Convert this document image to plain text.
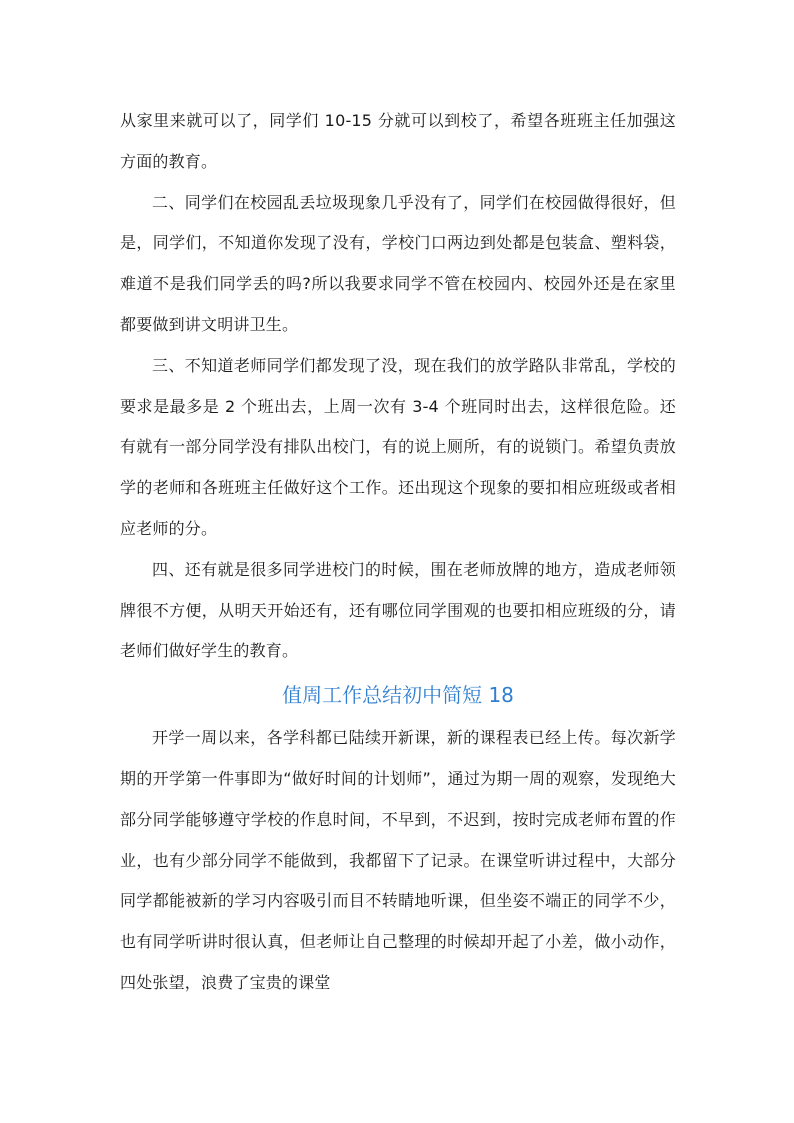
从家里来就可以了，同学们 10-15 分就可以到校了，希望各班班主任加强这方面的教育。

二、同学们在校园乱丢垃圾现象几乎没有了，同学们在校园做得很好，但是，同学们，不知道你发现了没有，学校门口两边到处都是包装盒、塑料袋，难道不是我们同学丢的吗?所以我要求同学不管在校园内、校园外还是在家里都要做到讲文明讲卫生。

三、不知道老师同学们都发现了没，现在我们的放学路队非常乱，学校的要求是最多是 2 个班出去，上周一次有 3-4 个班同时出去，这样很危险。还有就有一部分同学没有排队出校门，有的说上厕所，有的说锁门。希望负责放学的老师和各班班主任做好这个工作。还出现这个现象的要扣相应班级或者相应老师的分。

四、还有就是很多同学进校门的时候，围在老师放牌的地方，造成老师领牌很不方便，从明天开始还有，还有哪位同学围观的也要扣相应班级的分，请老师们做好学生的教育。

值周工作总结初中简短 18

开学一周以来，各学科都已陆续开新课，新的课程表已经上传。每次新学期的开学第一件事即为“做好时间的计划师”，通过为期一周的观察，发现绝大部分同学能够遵守学校的作息时间，不早到，不迟到，按时完成老师布置的作业，也有少部分同学不能做到，我都留下了记录。在课堂听讲过程中，大部分同学都能被新的学习内容吸引而目不转睛地听课，但坐姿不端正的同学不少，也有同学听讲时很认真，但老师让自己整理的时候却开起了小差，做小动作，四处张望，浪费了宝贵的课堂
